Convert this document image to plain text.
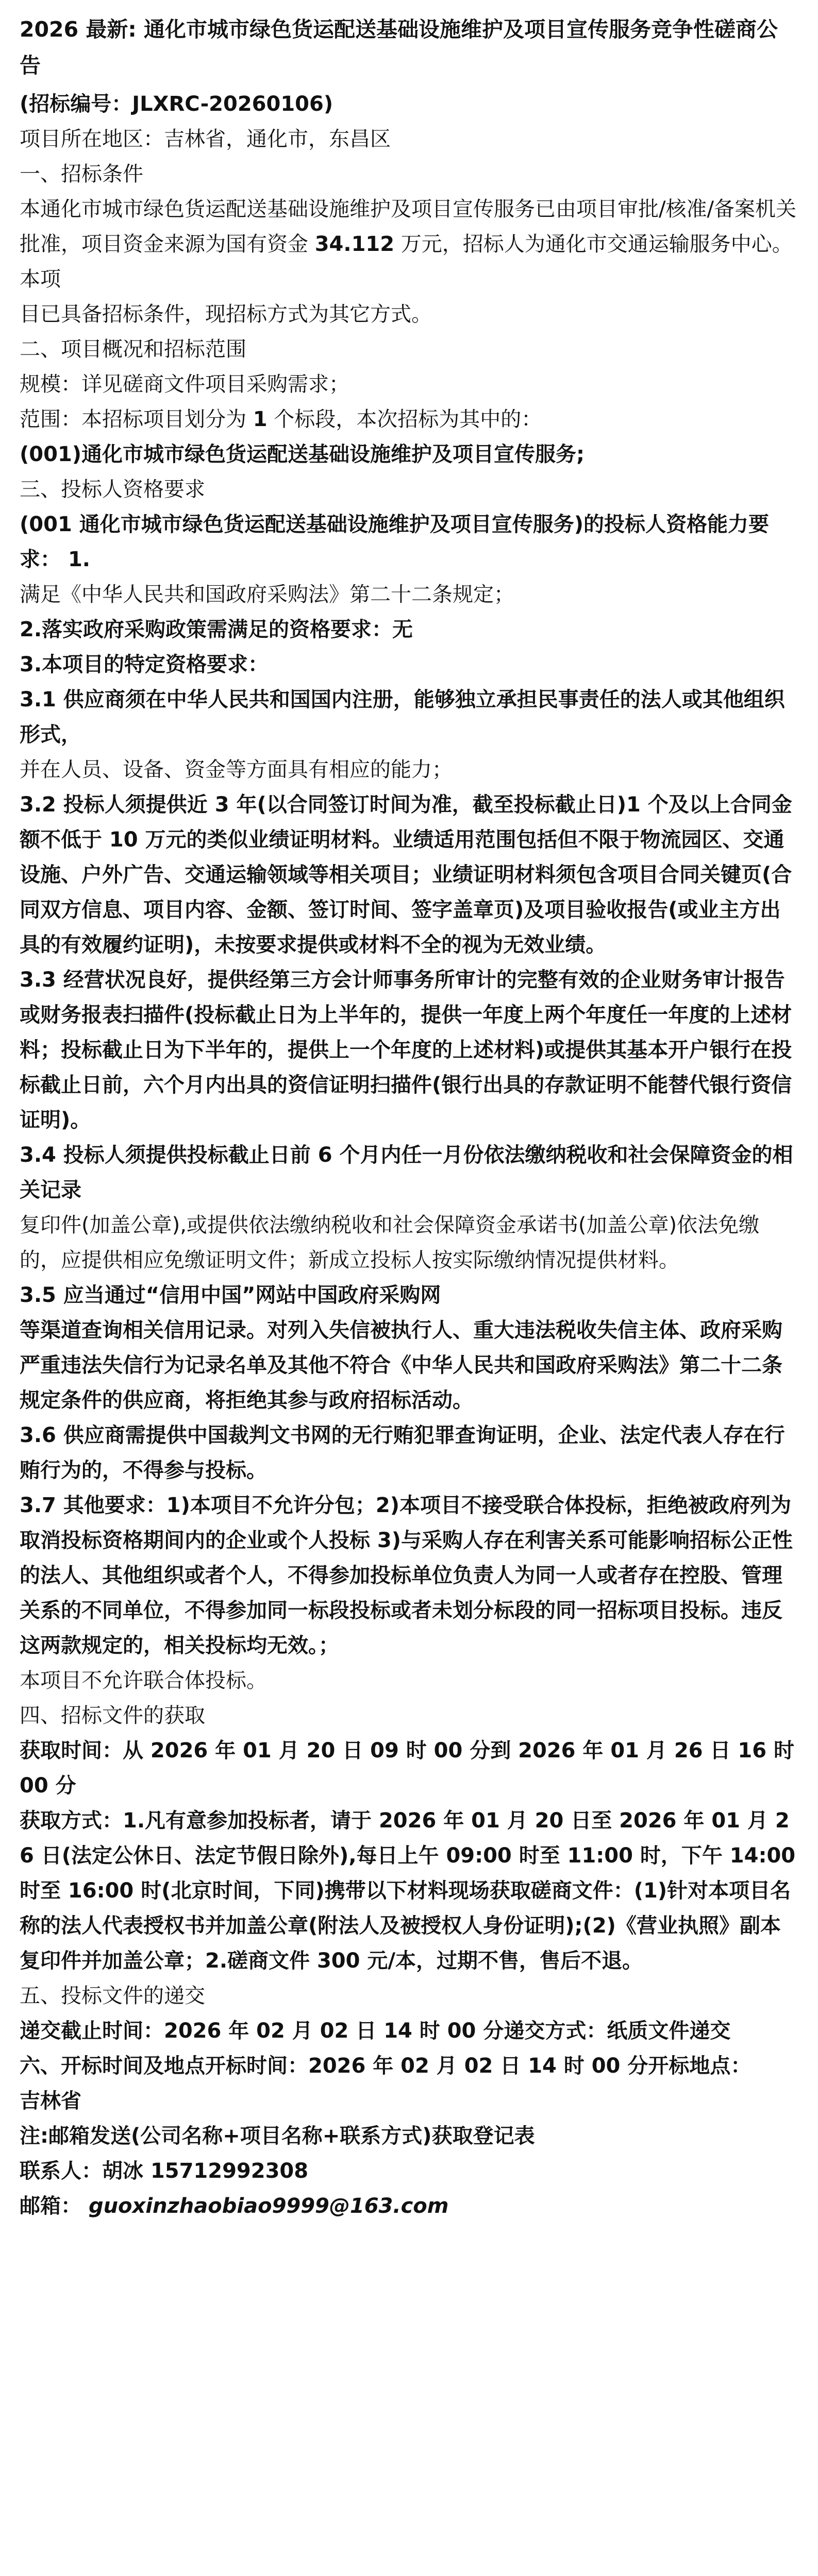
2026 最新: 通化市城市绿色货运配送基础设施维护及项目宣传服务竞争性磋商公告

(招标编号：JLXRC-20260106)

项目所在地区：吉林省，通化市，东昌区

一、招标条件

本通化市城市绿色货运配送基础设施维护及项目宣传服务已由项目审批/核准/备案机关批准，项目资金来源为国有资金 34.112 万元，招标人为通化市交通运输服务中心。本项

目已具备招标条件，现招标方式为其它方式。

二、项目概况和招标范围

规模：详见磋商文件项目采购需求；

范围：本招标项目划分为 1 个标段，本次招标为其中的：

(001)通化市城市绿色货运配送基础设施维护及项目宣传服务;

三、投标人资格要求

(001 通化市城市绿色货运配送基础设施维护及项目宣传服务)的投标人资格能力要求： 1.

满足《中华人民共和国政府采购法》第二十二条规定；

2.落实政府采购政策需满足的资格要求：无

3.本项目的特定资格要求：

3.1 供应商须在中华人民共和国国内注册，能够独立承担民事责任的法人或其他组织形式，

并在人员、设备、资金等方面具有相应的能力；

3.2 投标人须提供近 3 年(以合同签订时间为准，截至投标截止日)1 个及以上合同金额不低于 10 万元的类似业绩证明材料。业绩适用范围包括但不限于物流园区、交通设施、户外广告、交通运输领域等相关项目；业绩证明材料须包含项目合同关键页(合同双方信息、项目内容、金额、签订时间、签字盖章页)及项目验收报告(或业主方出具的有效履约证明)，未按要求提供或材料不全的视为无效业绩。

3.3 经营状况良好，提供经第三方会计师事务所审计的完整有效的企业财务审计报告或财务报表扫描件(投标截止日为上半年的，提供一年度上两个年度任一年度的上述材料；投标截止日为下半年的，提供上一个年度的上述材料)或提供其基本开户银行在投标截止日前，六个月内出具的资信证明扫描件(银行出具的存款证明不能替代银行资信证明)。

3.4 投标人须提供投标截止日前 6 个月内任一月份依法缴纳税收和社会保障资金的相关记录

复印件(加盖公章),或提供依法缴纳税收和社会保障资金承诺书(加盖公章)依法免缴的，应提供相应免缴证明文件；新成立投标人按实际缴纳情况提供材料。

3.5 应当通过“信用中国”网站中国政府采购网

等渠道查询相关信用记录。对列入失信被执行人、重大违法税收失信主体、政府采购严重违法失信行为记录名单及其他不符合《中华人民共和国政府采购法》第二十二条规定条件的供应商，将拒绝其参与政府招标活动。

3.6 供应商需提供中国裁判文书网的无行贿犯罪查询证明，企业、法定代表人存在行贿行为的，不得参与投标。

3.7 其他要求：1)本项目不允许分包；2)本项目不接受联合体投标，拒绝被政府列为取消投标资格期间内的企业或个人投标 3)与采购人存在利害关系可能影响招标公正性的法人、其他组织或者个人，不得参加投标单位负责人为同一人或者存在控股、管理关系的不同单位，不得参加同一标段投标或者未划分标段的同一招标项目投标。违反这两款规定的，相关投标均无效。；

本项目不允许联合体投标。

四、招标文件的获取

获取时间：从 2026 年 01 月 20 日 09 时 00 分到 2026 年 01 月 26 日 16 时 00 分

获取方式：1.凡有意参加投标者，请于 2026 年 01 月 20 日至 2026 年 01 月 26 日(法定公休日、法定节假日除外),每日上午 09:00 时至 11:00 时，下午 14:00 时至 16:00 时(北京时间，下同)携带以下材料现场获取磋商文件：(1)针对本项目名称的法人代表授权书并加盖公章(附法人及被授权人身份证明);(2)《营业执照》副本复印件并加盖公章；2.磋商文件 300 元/本，过期不售，售后不退。

五、投标文件的递交

递交截止时间：2026 年 02 月 02 日 14 时 00 分递交方式：纸质文件递交

六、开标时间及地点开标时间：2026 年 02 月 02 日 14 时 00 分开标地点：

吉林省

注:邮箱发送(公司名称+项目名称+联系方式)获取登记表

联系人：胡冰 15712992308

邮箱： guoxinzhaobiao9999@163.com
